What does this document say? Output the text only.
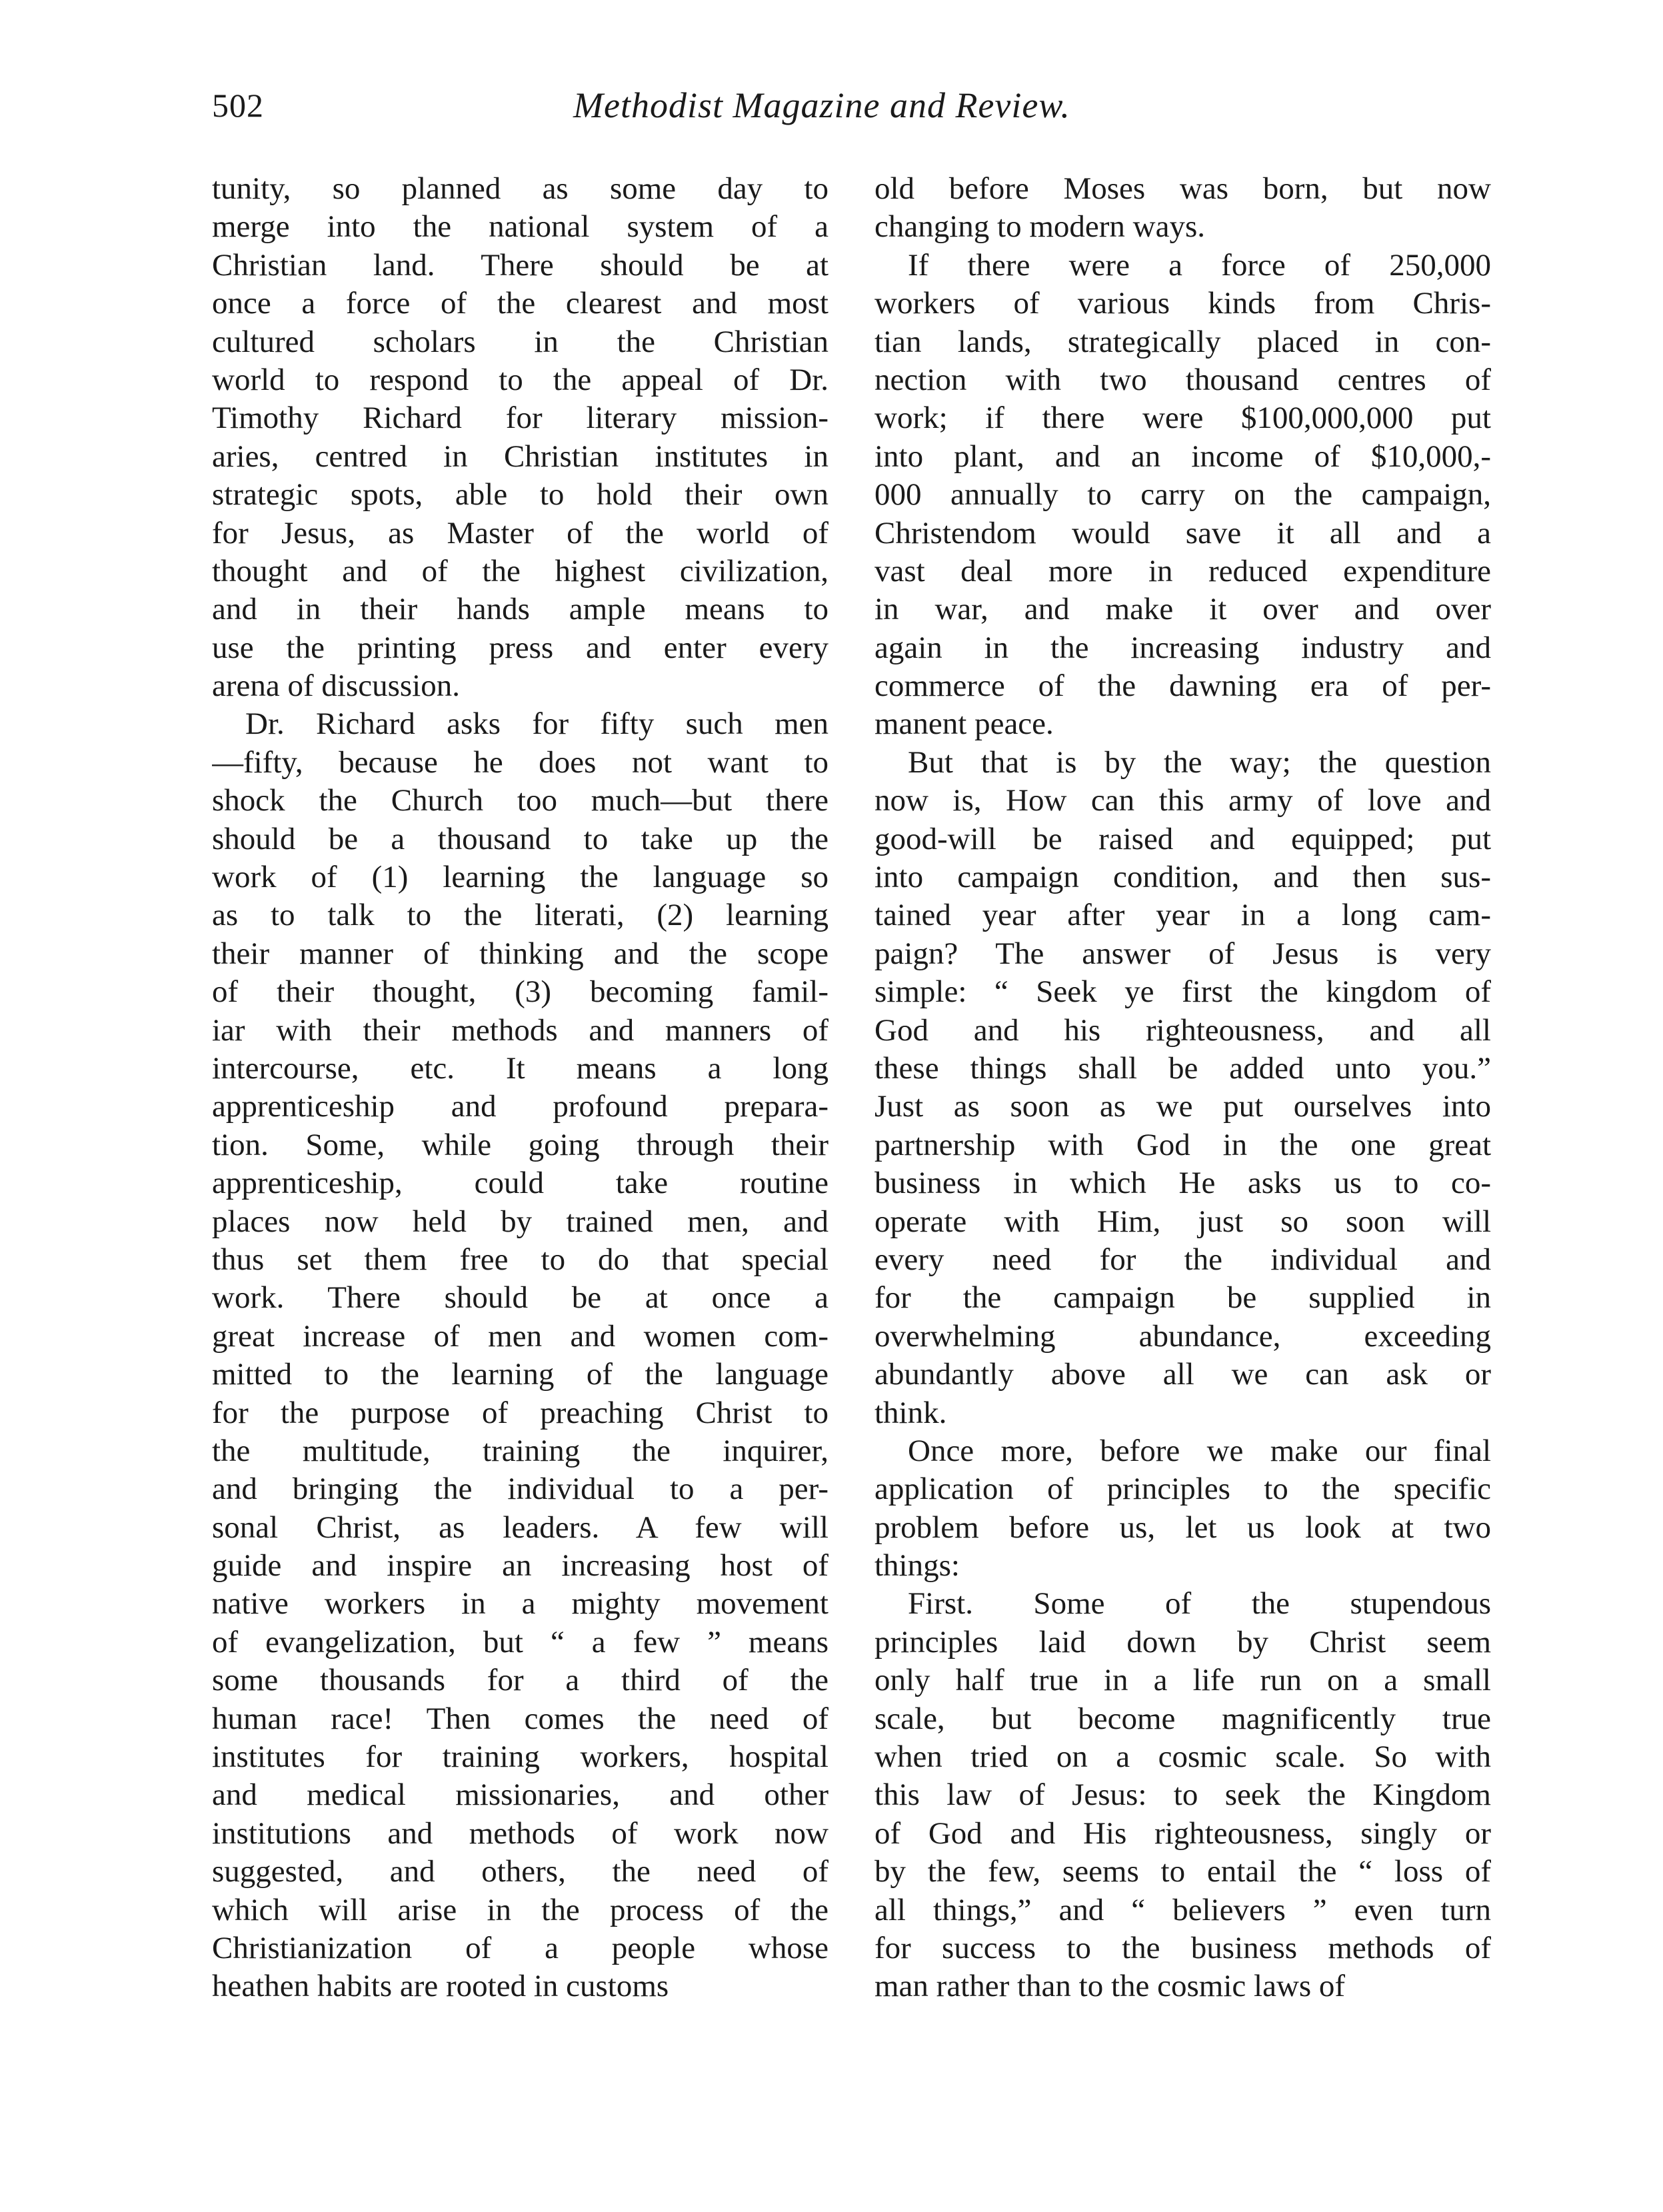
502	Methodist Magazine and Review.
tunity, so planned as some day to
merge into the national system of a
Christian land. There should be at
once a force of the clearest and most
cultured scholars in the Christian
world to respond to the appeal of Dr.
Timothy Richard for literary mission-
aries, centred in Christian institutes in
strategic spots, able to hold their own
for Jesus, as Master of the world of
thought and of the highest civilization,
and in their hands ample means to
use the printing press and enter every
arena of discussion.
Dr. Richard asks for fifty such men
—fifty, because he does not want to
shock the Church too much—but there
should be a thousand to take up the
work of (1) learning the language so
as to talk to the literati, (2) learning
their manner of thinking and the scope
of their thought, (3) becoming famil-
iar with their methods and manners of
intercourse, etc. It means a long
apprenticeship and profound prepara-
tion. Some, while going through their
apprenticeship, could take routine
places now held by trained men, and
thus set them free to do that special
work. There should be at once a
great increase of men and women com-
mitted to the learning of the language
for the purpose of preaching Christ to
the multitude, training the inquirer,
and bringing the individual to a per-
sonal Christ, as leaders. A few will
guide and inspire an increasing host of
native workers in a mighty movement
of evangelization, but “ a few ” means
some thousands for a third of the
human race! Then comes the need of
institutes for training workers, hospital
and medical missionaries, and other
institutions and methods of work now
suggested, and others, the need of
which will arise in the process of the
Christianization of a people whose
heathen habits are rooted in customs
old before Moses was born, but now
changing to modern ways.
If there were a force of 250,000
workers of various kinds from Chris-
tian lands, strategically placed in con-
nection with two thousand centres of
work; if there were $100,000,000 put
into plant, and an income of $10,000,-
000 annually to carry on the campaign,
Christendom would save it all and a
vast deal more in reduced expenditure
in war, and make it over and over
again in the increasing industry and
commerce of the dawning era of per-
manent peace.
But that is by the way; the question
now is, How can this army of love and
good-will be raised and equipped; put
into campaign condition, and then sus-
tained year after year in a long cam-
paign? The answer of Jesus is very
simple: “ Seek ye first the kingdom of
God and his righteousness, and all
these things shall be added unto you.”
Just as soon as we put ourselves into
partnership with God in the one great
business in which He asks us to co-
operate with Him, just so soon will
every need for the individual and
for the campaign be supplied in
overwhelming abundance, exceeding
abundantly above all we can ask or
think.
Once more, before we make our final
application of principles to the specific
problem before us, let us look at two
things:
First. Some of the stupendous
principles laid down by Christ seem
only half true in a life run on a small
scale, but become magnificently true
when tried on a cosmic scale. So with
this law of Jesus: to seek the Kingdom
of God and His righteousness, singly or
by the few, seems to entail the “ loss of
all things,” and “ believers ” even turn
for success to the business methods of
man rather than to the cosmic laws of
